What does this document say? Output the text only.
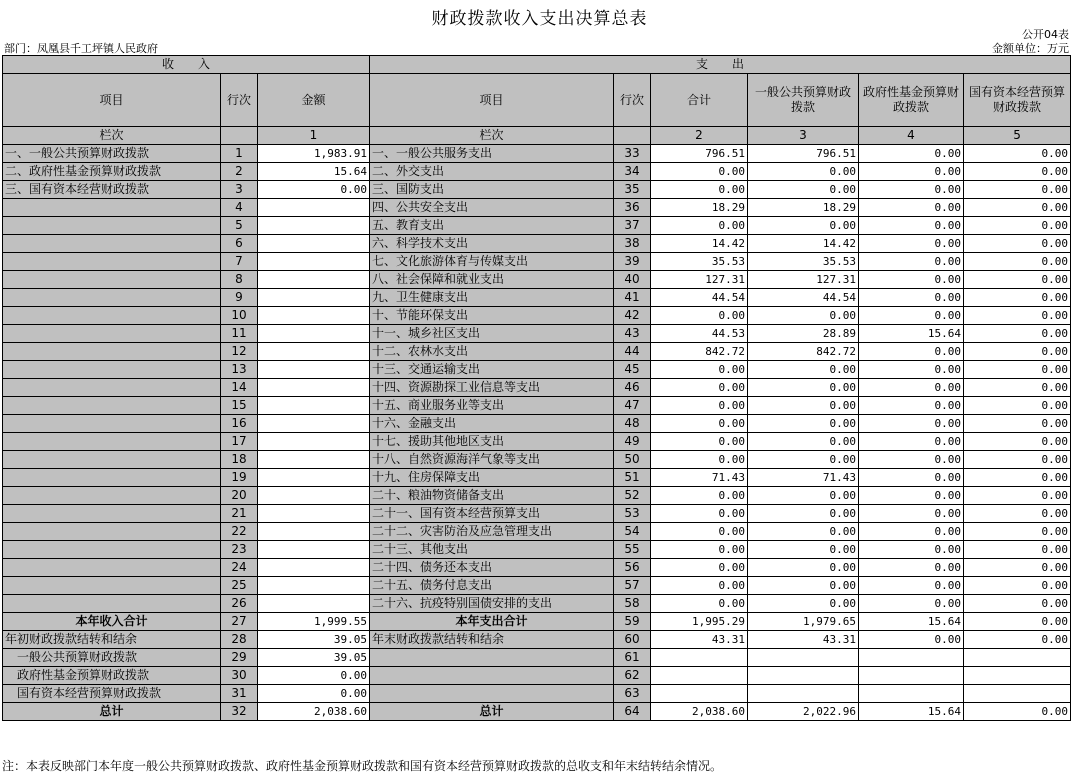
财政拨款收入支出决算总表
公开04表
部门：凤凰县千工坪镇人民政府	金额单位：万元
收　　入			支　　出					
项目	行次	金额	项目	行次	合计	一般公共预算财政拨款	政府性基金预算财政拨款	国有资本经营预算财政拨款
栏次		1	栏次		2	3	4	5
一、一般公共预算财政拨款	1	1,983.91	一、一般公共服务支出	33	796.51	796.51	0.00	0.00
二、政府性基金预算财政拨款	2	15.64	二、外交支出	34	0.00	0.00	0.00	0.00
三、国有资本经营财政拨款	3	0.00	三、国防支出	35	0.00	0.00	0.00	0.00
	4		四、公共安全支出	36	18.29	18.29	0.00	0.00
	5		五、教育支出	37	0.00	0.00	0.00	0.00
	6		六、科学技术支出	38	14.42	14.42	0.00	0.00
	7		七、文化旅游体育与传媒支出	39	35.53	35.53	0.00	0.00
	8		八、社会保障和就业支出	40	127.31	127.31	0.00	0.00
	9		九、卫生健康支出	41	44.54	44.54	0.00	0.00
	10		十、节能环保支出	42	0.00	0.00	0.00	0.00
	11		十一、城乡社区支出	43	44.53	28.89	15.64	0.00
	12		十二、农林水支出	44	842.72	842.72	0.00	0.00
	13		十三、交通运输支出	45	0.00	0.00	0.00	0.00
	14		十四、资源勘探工业信息等支出	46	0.00	0.00	0.00	0.00
	15		十五、商业服务业等支出	47	0.00	0.00	0.00	0.00
	16		十六、金融支出	48	0.00	0.00	0.00	0.00
	17		十七、援助其他地区支出	49	0.00	0.00	0.00	0.00
	18		十八、自然资源海洋气象等支出	50	0.00	0.00	0.00	0.00
	19		十九、住房保障支出	51	71.43	71.43	0.00	0.00
	20		二十、粮油物资储备支出	52	0.00	0.00	0.00	0.00
	21		二十一、国有资本经营预算支出	53	0.00	0.00	0.00	0.00
	22		二十二、灾害防治及应急管理支出	54	0.00	0.00	0.00	0.00
	23		二十三、其他支出	55	0.00	0.00	0.00	0.00
	24		二十四、债务还本支出	56	0.00	0.00	0.00	0.00
	25		二十五、债务付息支出	57	0.00	0.00	0.00	0.00
	26		二十六、抗疫特别国债安排的支出	58	0.00	0.00	0.00	0.00
本年收入合计	27	1,999.55	本年支出合计	59	1,995.29	1,979.65	15.64	0.00
年初财政拨款结转和结余	28	39.05	年末财政拨款结转和结余	60	43.31	43.31	0.00	0.00
一般公共预算财政拨款	29	39.05		61				
政府性基金预算财政拨款	30	0.00		62				
国有资本经营预算财政拨款	31	0.00		63				
总计	32	2,038.60	总计	64	2,038.60	2,022.96	15.64	0.00
注：本表反映部门本年度一般公共预算财政拨款、政府性基金预算财政拨款和国有资本经营预算财政拨款的总收支和年末结转结余情况。
